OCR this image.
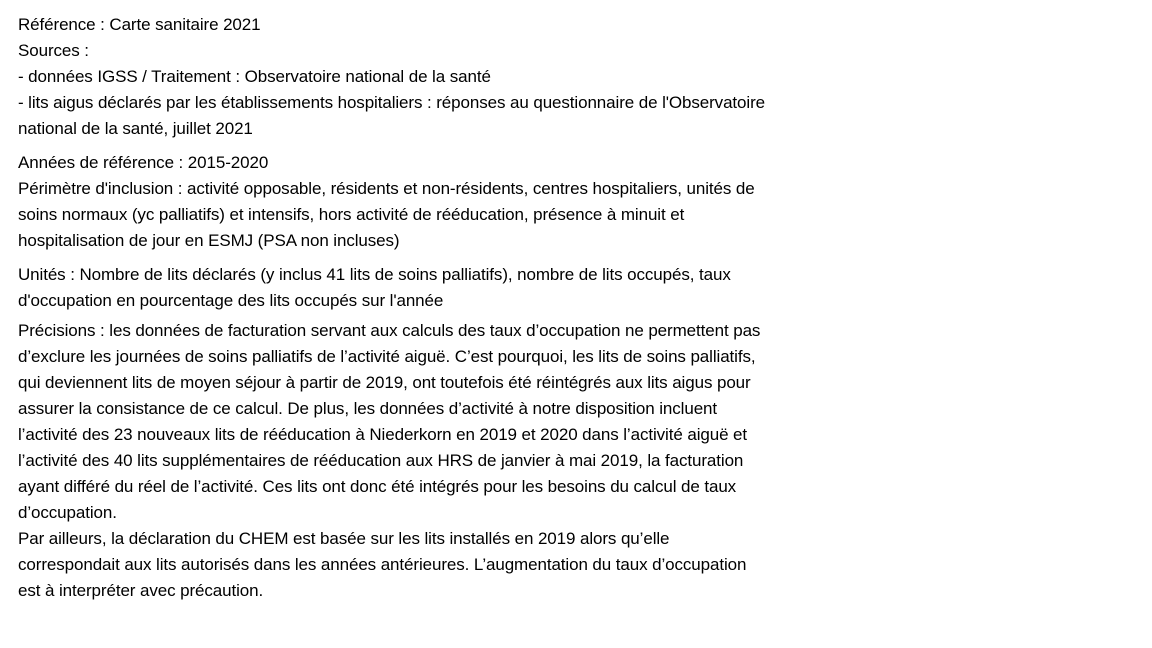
Référence : Carte sanitaire 2021
Sources :
- données IGSS / Traitement : Observatoire national de la santé
- lits aigus déclarés par les établissements hospitaliers : réponses au questionnaire de l'Observatoire
national de la santé, juillet 2021
Années de référence : 2015-2020
Périmètre d'inclusion : activité opposable, résidents et non-résidents, centres hospitaliers, unités de
soins normaux (yc palliatifs) et intensifs, hors activité de rééducation, présence à minuit et
hospitalisation de jour en ESMJ (PSA non incluses)
Unités : Nombre de lits déclarés (y inclus 41 lits de soins palliatifs), nombre de lits occupés, taux
d'occupation en pourcentage des lits occupés sur l'année
Précisions : les données de facturation servant aux calculs des taux d’occupation ne permettent pas
d’exclure les journées de soins palliatifs de l’activité aiguë. C’est pourquoi, les lits de soins palliatifs,
qui deviennent lits de moyen séjour à partir de 2019, ont toutefois été réintégrés aux lits aigus pour
assurer la consistance de ce calcul. De plus, les données d’activité à notre disposition incluent
l’activité des 23 nouveaux lits de rééducation à Niederkorn en 2019 et 2020 dans l’activité aiguë et
l’activité des 40 lits supplémentaires de rééducation aux HRS de janvier à mai 2019, la facturation
ayant différé du réel de l’activité. Ces lits ont donc été intégrés pour les besoins du calcul de taux
d’occupation.
Par ailleurs, la déclaration du CHEM est basée sur les lits installés en 2019 alors qu’elle
correspondait aux lits autorisés dans les années antérieures. L’augmentation du taux d’occupation
est à interpréter avec précaution.
